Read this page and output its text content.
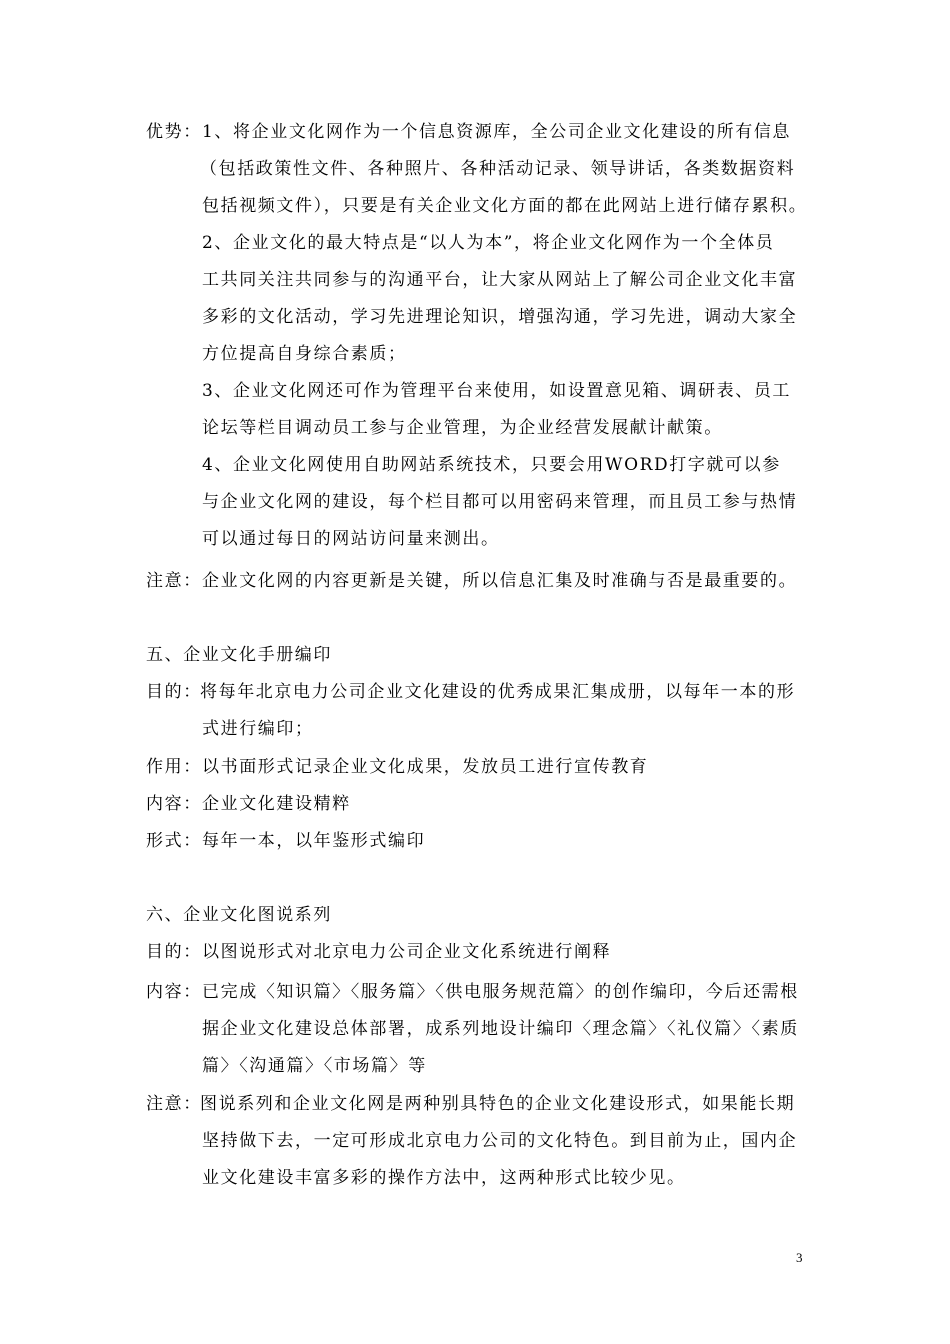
优势： 1、将企业文化网作为一个信息资源库，全公司企业文化建设的所有信息
（包括政策性文件、各种照片、各种活动记录、领导讲话，各类数据资料
包括视频文件），只要是有关企业文化方面的都在此网站上进行储存累积。
2、企业文化的最大特点是“以人为本”，将企业文化网作为一个全体员
工共同关注共同参与的沟通平台，让大家从网站上了解公司企业文化丰富
多彩的文化活动，学习先进理论知识，增强沟通，学习先进，调动大家全
方位提高自身综合素质；
3、企业文化网还可作为管理平台来使用，如设置意见箱、调研表、员工
论坛等栏目调动员工参与企业管理，为企业经营发展献计献策。
4、企业文化网使用自助网站系统技术，只要会用WORD打字就可以参
与企业文化网的建设，每个栏目都可以用密码来管理，而且员工参与热情
可以通过每日的网站访问量来测出。
注意： 企业文化网的内容更新是关键，所以信息汇集及时准确与否是最重要的。
五、企业文化手册编印
目的：
将每年北京电力公司企业文化建设的优秀成果汇集成册，以每年一本的形
式进行编印；
作用： 以书面形式记录企业文化成果，发放员工进行宣传教育
内容： 企业文化建设精粹
形式： 每年一本，以年鉴形式编印
六、企业文化图说系列
目的： 以图说形式对北京电力公司企业文化系统进行阐释
内容： 已完成〈知识篇〉〈服务篇〉〈供电服务规范篇〉的创作编印，今后还需根
据企业文化建设总体部署，成系列地设计编印〈理念篇〉〈礼仪篇〉〈素质
篇〉〈沟通篇〉〈市场篇〉等
注意：
图说系列和企业文化网是两种别具特色的企业文化建设形式，如果能长期
坚持做下去，一定可形成北京电力公司的文化特色。到目前为止，国内企
业文化建设丰富多彩的操作方法中，这两种形式比较少见。
3
